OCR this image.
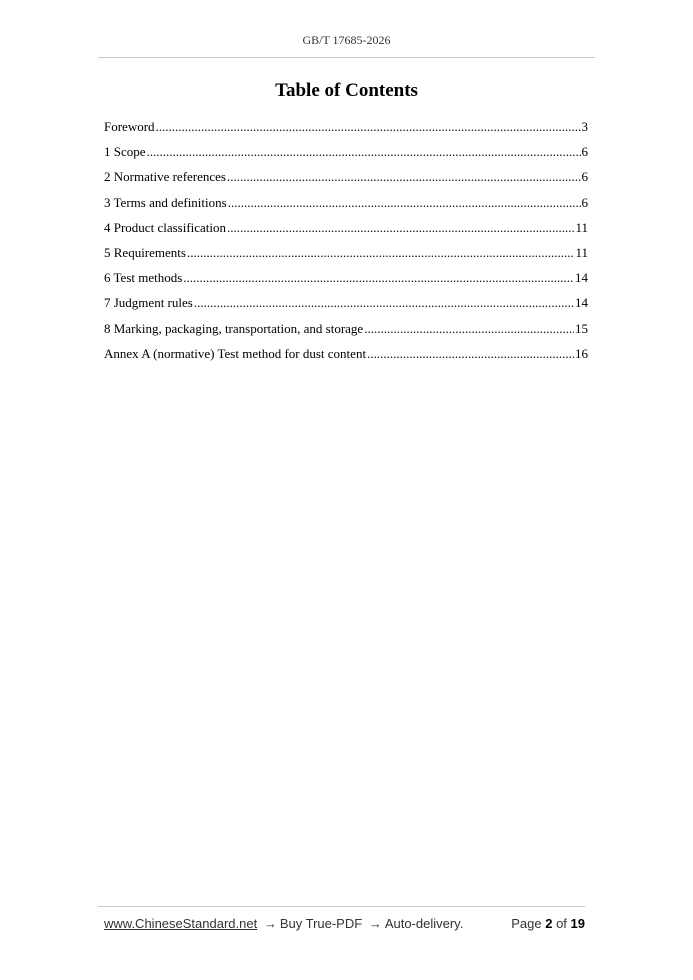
GB/T 17685-2026
Table of Contents
Foreword .....	3
1 Scope .....	6
2 Normative references .....	6
3 Terms and definitions .....	6
4 Product classification .....	11
5 Requirements .....	11
6 Test methods .....	14
7 Judgment rules .....	14
8 Marking, packaging, transportation, and storage .....	15
Annex A (normative) Test method for dust content .....	16
www.ChineseStandard.net → Buy True-PDF → Auto-delivery.	Page 2 of 19
